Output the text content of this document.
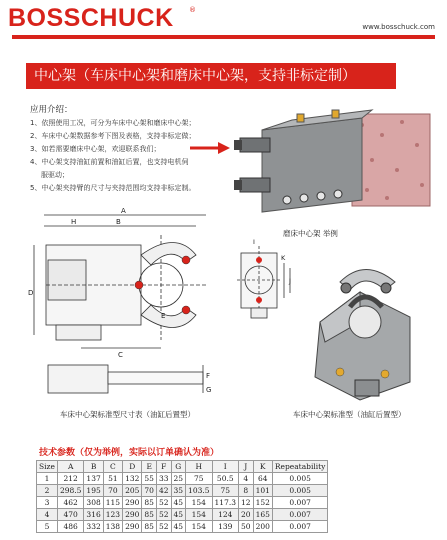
BOSSCHUCK ®
www.bosschuck.com
中心架（车床中心架和磨床中心架，支持非标定制）
应用介绍：
1、依照使用工况，可分为车床中心架和磨床中心架；
2、车床中心架数据参考下图及表格，支持非标定做；
3、如若需要磨床中心架，欢迎联系我们；
4、中心架支持油缸前置和油缸后置，也支持电机伺
服驱动；
5、中心架夹持臂的尺寸与夹持范围均支持非标定制。
磨床中心架 举例
A
B
H
D
E
C
F
G
I
K
J
车床中心架标准型尺寸表（油缸后置型）	车床中心架标准型（油缸后置型）
技术参数（仅为举例，实际以订单确认为准）
Size	A	B	C	D	E	F	G	H	I	J	K	Repeatability
1	212	137	51	132	55	33	25	75	50.5	4	64	0.005
2	298.5	195	70	205	70	42	35	103.5	75	8	101	0.005
3	462	308	115	290	85	52	45	154	117.3	12	152	0.007
4	470	316	123	290	85	52	45	154	124	20	165	0.007
5	486	332	138	290	85	52	45	154	139	50	200	0.007
